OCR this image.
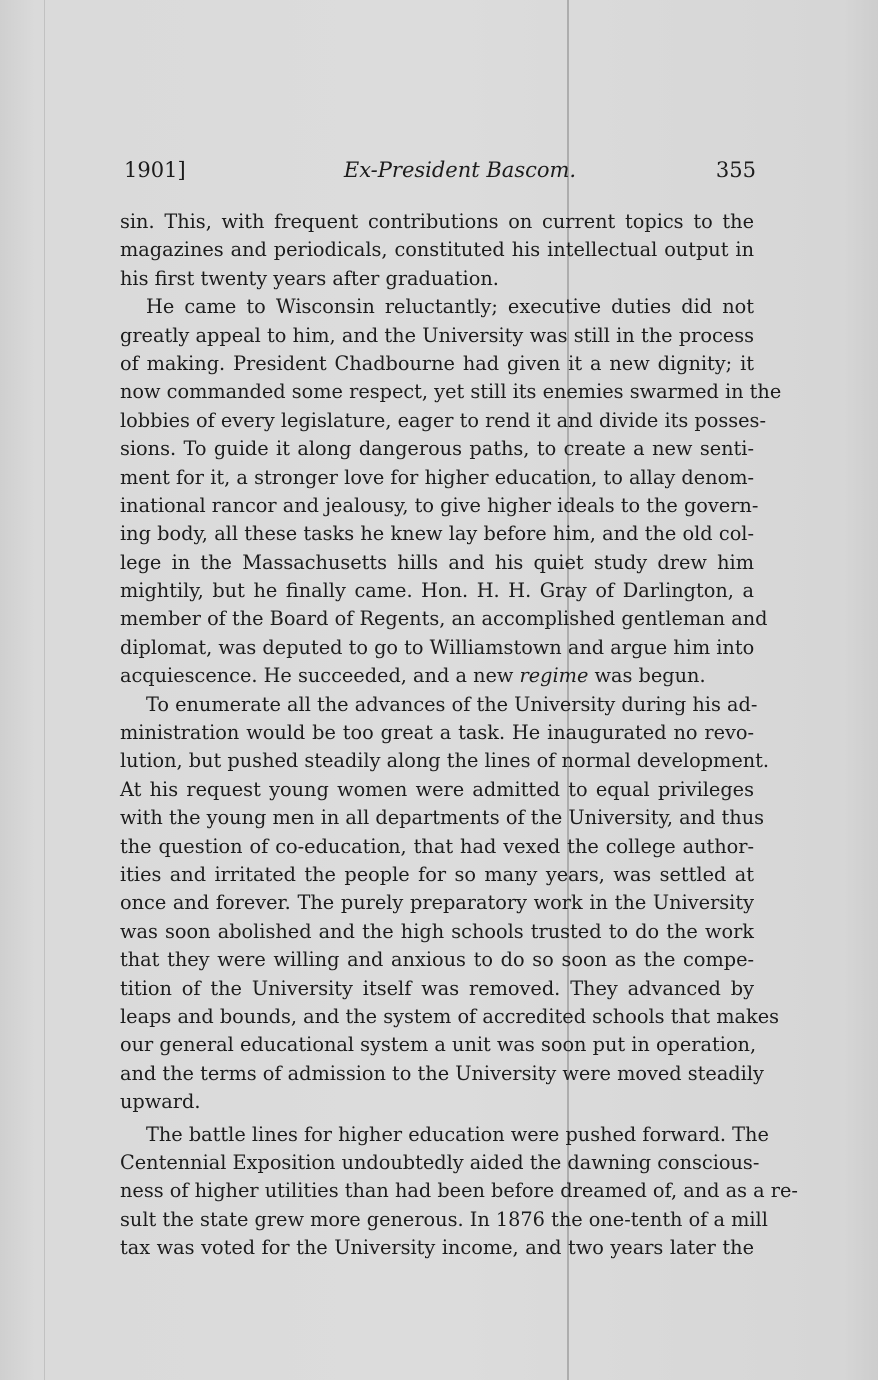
1901]	Ex-President Bascom.	355
sin. This, with frequent contributions on current topics to the
magazines and periodicals, constituted his intellectual output in
his first twenty years after graduation.
He came to Wisconsin reluctantly; executive duties did not
greatly appeal to him, and the University was still in the process
of making. President Chadbourne had given it a new dignity; it
now commanded some respect, yet still its enemies swarmed in the
lobbies of every legislature, eager to rend it and divide its posses-
sions. To guide it along dangerous paths, to create a new senti-
ment for it, a stronger love for higher education, to allay denom-
inational rancor and jealousy, to give higher ideals to the govern-
ing body, all these tasks he knew lay before him, and the old col-
lege in the Massachusetts hills and his quiet study drew him
mightily, but he finally came. Hon. H. H. Gray of Darlington, a
member of the Board of Regents, an accomplished gentleman and
diplomat, was deputed to go to Williamstown and argue him into
acquiescence. He succeeded, and a new regime was begun.
To enumerate all the advances of the University during his ad-
ministration would be too great a task. He inaugurated no revo-
lution, but pushed steadily along the lines of normal development.
At his request young women were admitted to equal privileges
with the young men in all departments of the University, and thus
the question of co-education, that had vexed the college author-
ities and irritated the people for so many years, was settled at
once and forever. The purely preparatory work in the University
was soon abolished and the high schools trusted to do the work
that they were willing and anxious to do so soon as the compe-
tition of the University itself was removed. They advanced by
leaps and bounds, and the system of accredited schools that makes
our general educational system a unit was soon put in operation,
and the terms of admission to the University were moved steadily
upward.
The battle lines for higher education were pushed forward. The
Centennial Exposition undoubtedly aided the dawning conscious-
ness of higher utilities than had been before dreamed of, and as a re-
sult the state grew more generous. In 1876 the one-tenth of a mill
tax was voted for the University income, and two years later the
